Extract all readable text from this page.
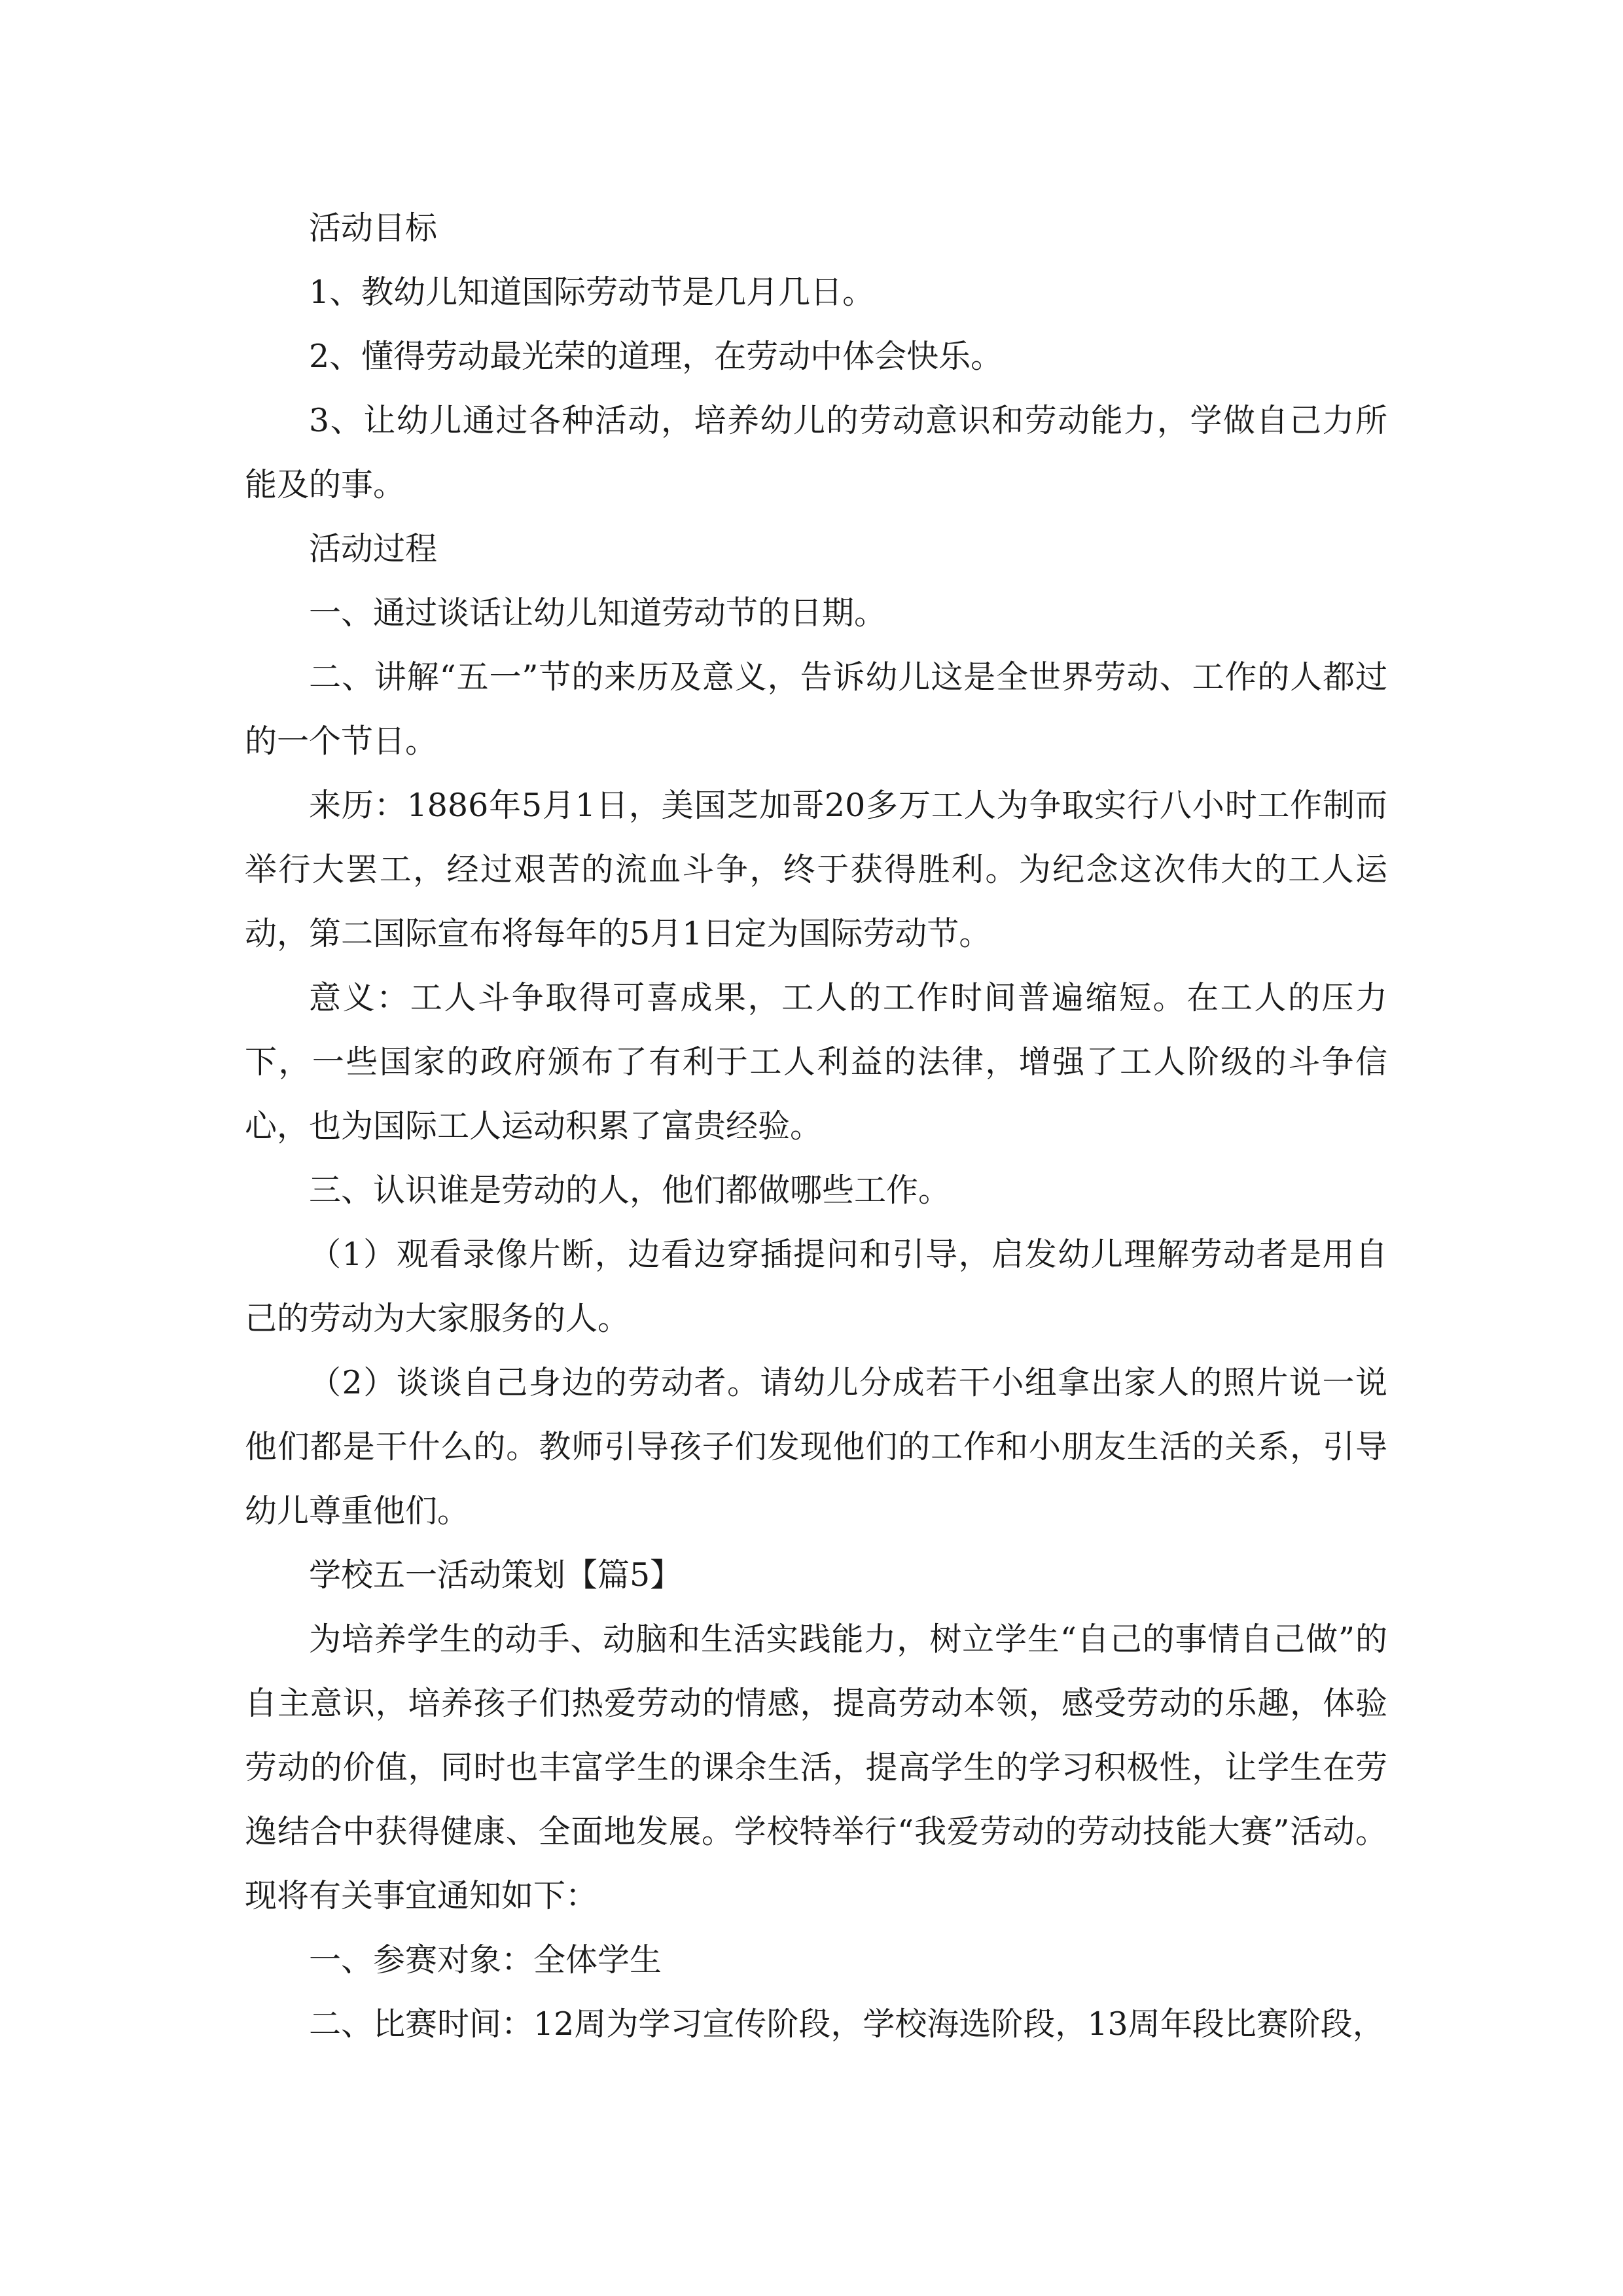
活动目标

1、教幼儿知道国际劳动节是几月几日。

2、懂得劳动最光荣的道理，在劳动中体会快乐。

3、让幼儿通过各种活动，培养幼儿的劳动意识和劳动能力，学做自己力所能及的事。

活动过程

一、通过谈话让幼儿知道劳动节的日期。

二、讲解“五一”节的来历及意义，告诉幼儿这是全世界劳动、工作的人都过的一个节日。

来历：1886年5月1日，美国芝加哥20多万工人为争取实行八小时工作制而举行大罢工，经过艰苦的流血斗争，终于获得胜利。为纪念这次伟大的工人运动，第二国际宣布将每年的5月1日定为国际劳动节。

意义：工人斗争取得可喜成果，工人的工作时间普遍缩短。在工人的压力下，一些国家的政府颁布了有利于工人利益的法律，增强了工人阶级的斗争信心，也为国际工人运动积累了富贵经验。

三、认识谁是劳动的人，他们都做哪些工作。

（1）观看录像片断，边看边穿插提问和引导，启发幼儿理解劳动者是用自己的劳动为大家服务的人。

（2）谈谈自己身边的劳动者。请幼儿分成若干小组拿出家人的照片说一说他们都是干什么的。教师引导孩子们发现他们的工作和小朋友生活的关系，引导幼儿尊重他们。

学校五一活动策划【篇5】

为培养学生的动手、动脑和生活实践能力，树立学生“自己的事情自己做”的自主意识，培养孩子们热爱劳动的情感，提高劳动本领，感受劳动的乐趣，体验劳动的价值，同时也丰富学生的课余生活，提高学生的学习积极性，让学生在劳逸结合中获得健康、全面地发展。学校特举行“我爱劳动的劳动技能大赛”活动。现将有关事宜通知如下：

一、参赛对象：全体学生

二、比赛时间：12周为学习宣传阶段，学校海选阶段，13周年段比赛阶段，
